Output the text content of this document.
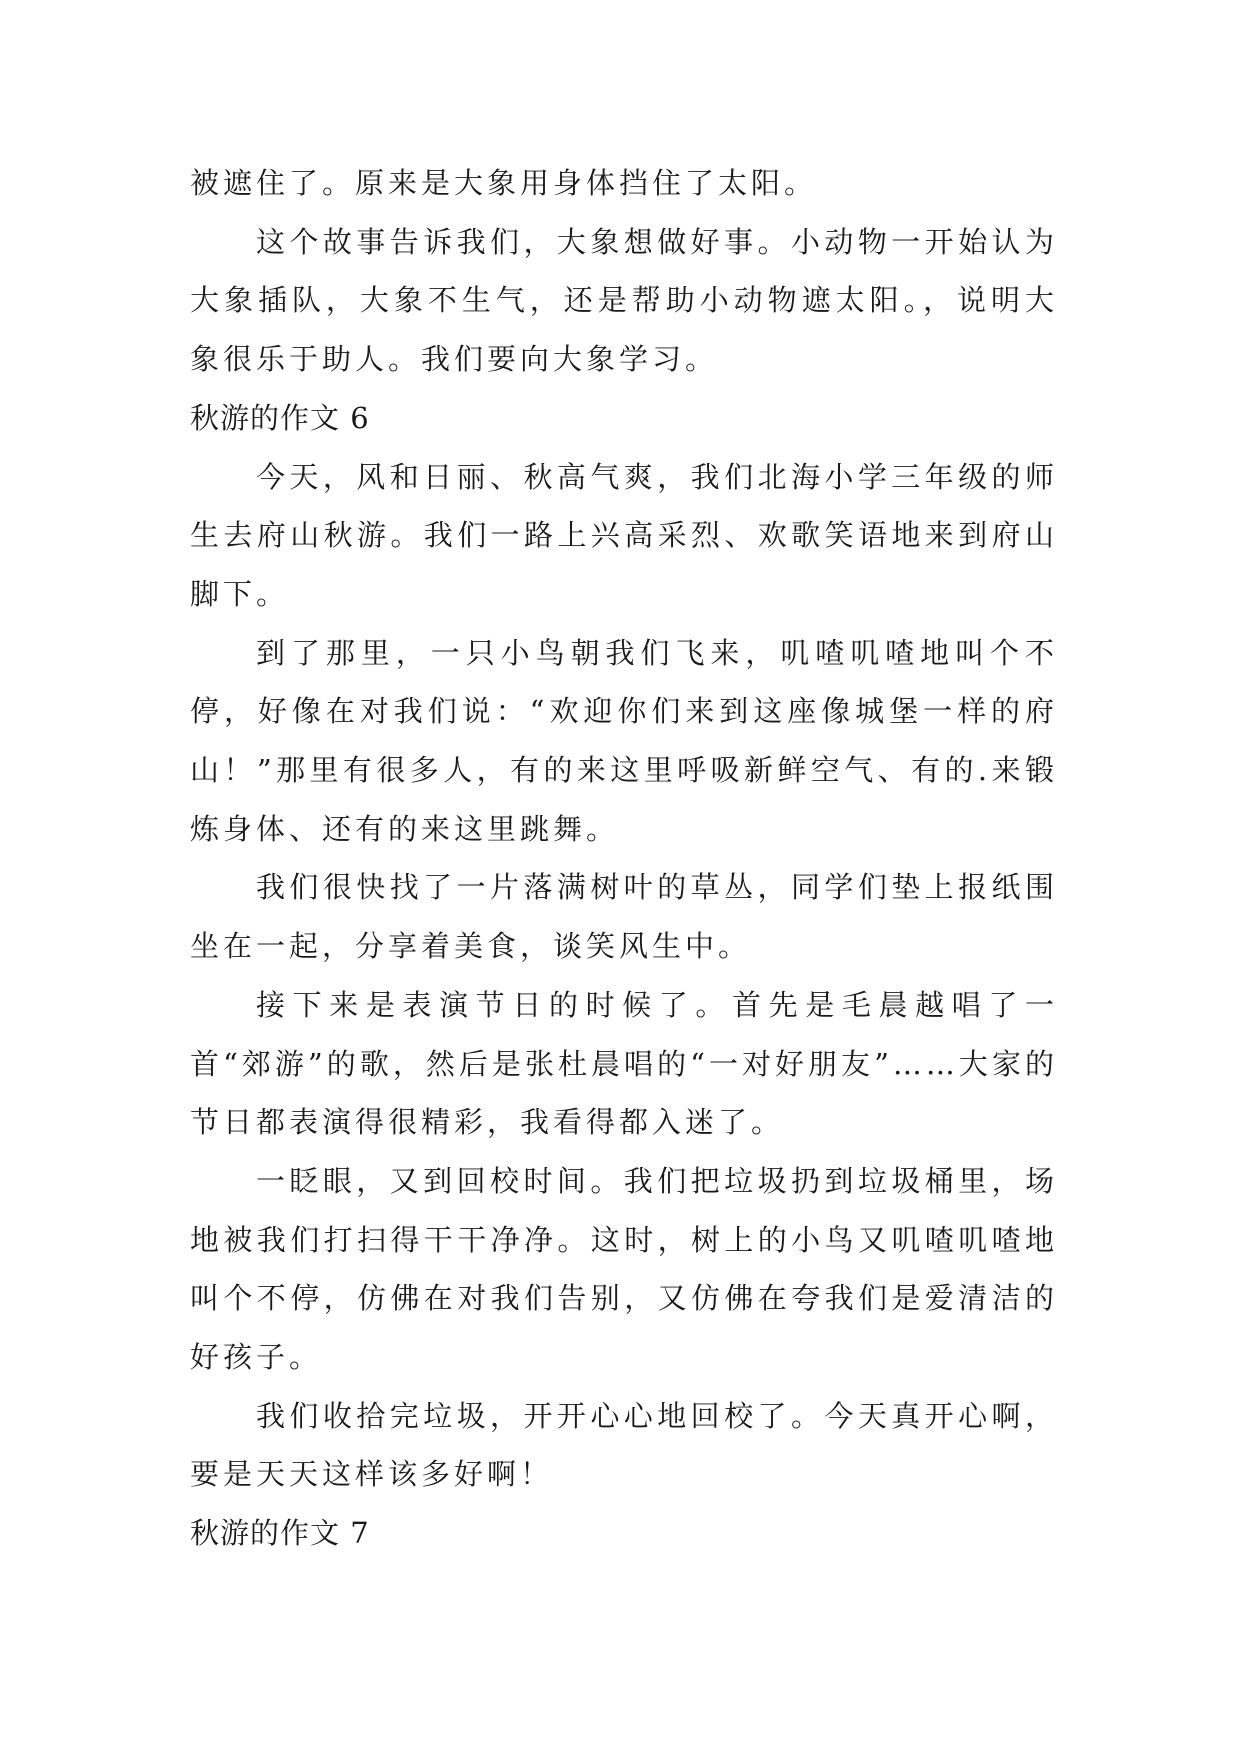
被遮住了。原来是大象用身体挡住了太阳。

这个故事告诉我们，大象想做好事。小动物一开始认为大象插队，大象不生气，还是帮助小动物遮太阳。，说明大象很乐于助人。我们要向大象学习。

秋游的作文 6

今天，风和日丽、秋高气爽，我们北海小学三年级的师生去府山秋游。我们一路上兴高采烈、欢歌笑语地来到府山脚下。

到了那里，一只小鸟朝我们飞来，叽喳叽喳地叫个不停，好像在对我们说：“欢迎你们来到这座像城堡一样的府山！”那里有很多人，有的来这里呼吸新鲜空气、有的.来锻炼身体、还有的来这里跳舞。

我们很快找了一片落满树叶的草丛，同学们垫上报纸围坐在一起，分享着美食，谈笑风生中。

接下来是表演节日的时候了。首先是毛晨越唱了一首“郊游”的歌，然后是张杜晨唱的“一对好朋友”……大家的节日都表演得很精彩，我看得都入迷了。

一眨眼，又到回校时间。我们把垃圾扔到垃圾桶里，场地被我们打扫得干干净净。这时，树上的小鸟又叽喳叽喳地叫个不停，仿佛在对我们告别，又仿佛在夸我们是爱清洁的好孩子。

我们收拾完垃圾，开开心心地回校了。今天真开心啊，要是天天这样该多好啊！

秋游的作文 7
